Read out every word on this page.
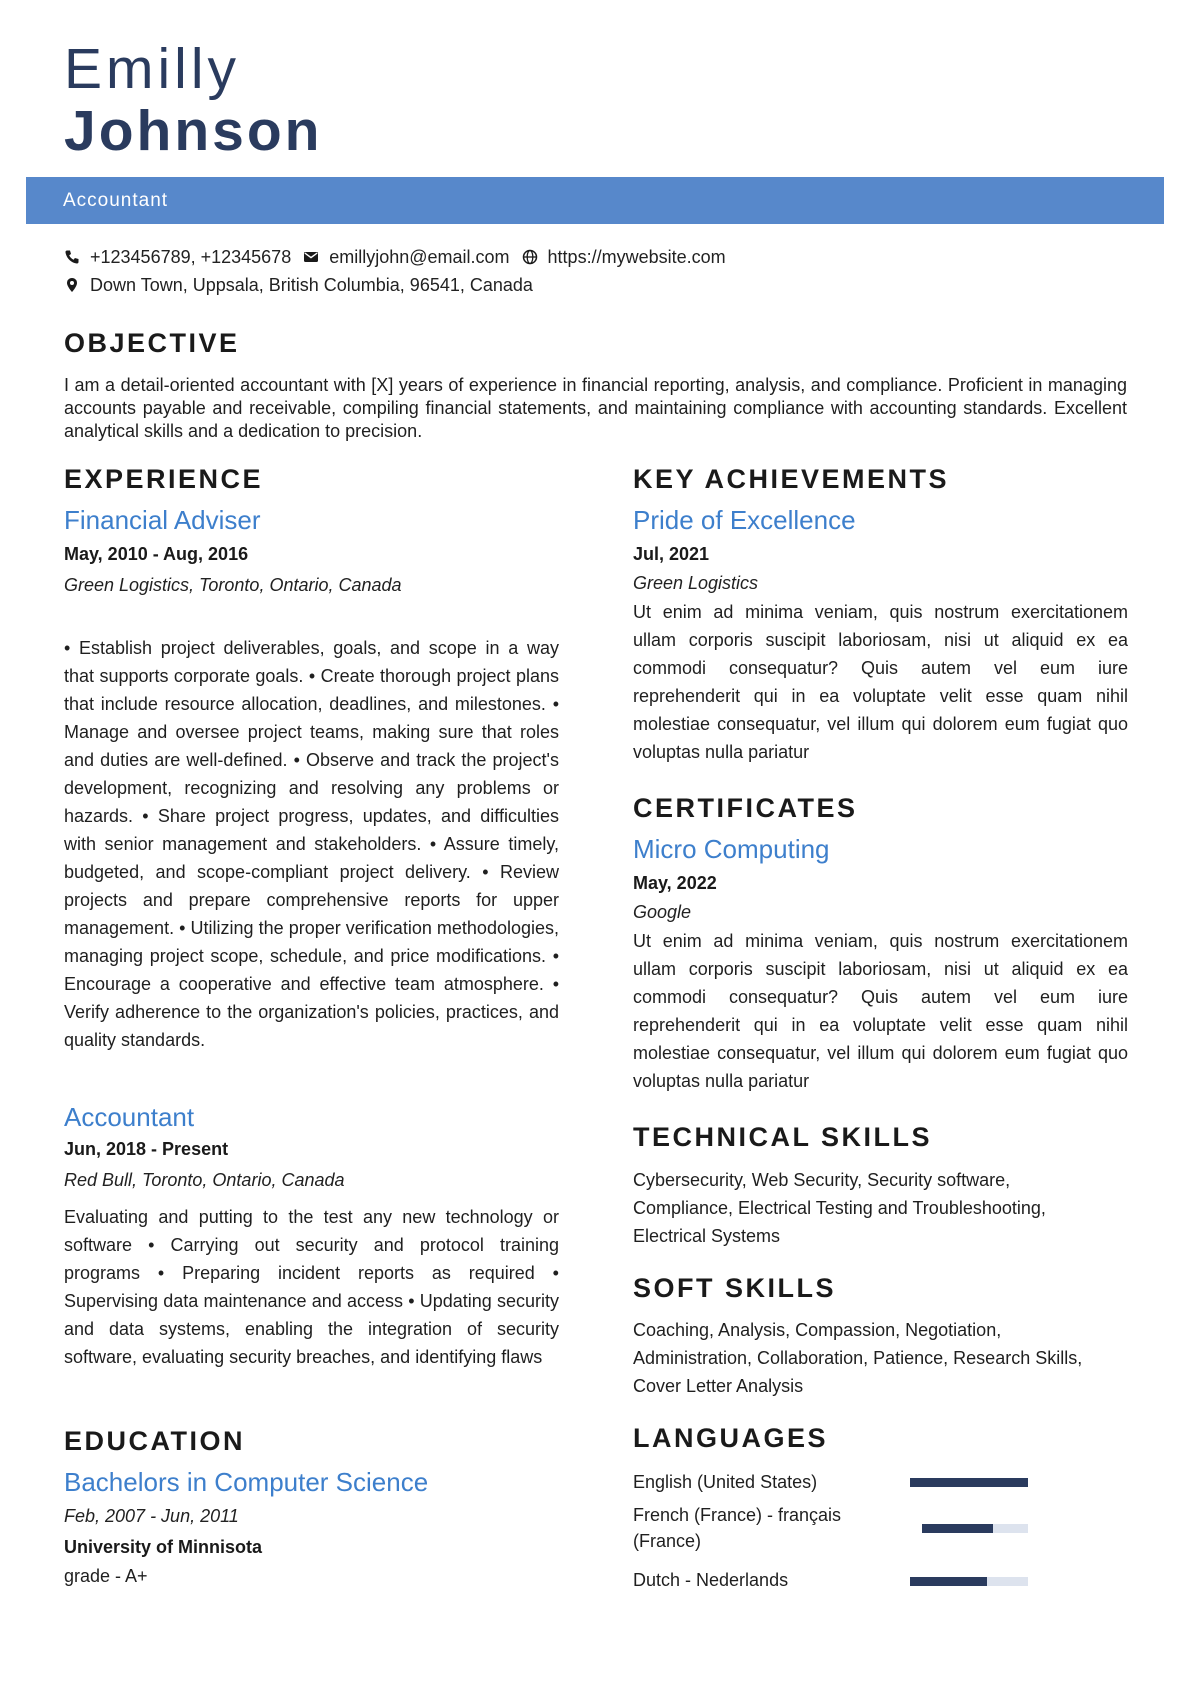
Emilly
Johnson
Accountant
+123456789, +12345678 emillyjohn@email.com https://mywebsite.com
Down Town, Uppsala, British Columbia, 96541, Canada
OBJECTIVE
I am a detail-oriented accountant with [X] years of experience in financial reporting, analysis, and compliance. Proficient in managing accounts payable and receivable, compiling financial statements, and maintaining compliance with accounting standards. Excellent analytical skills and a dedication to precision.
EXPERIENCE
Financial Adviser
May, 2010 - Aug, 2016
Green Logistics, Toronto, Ontario, Canada
• Establish project deliverables, goals, and scope in a way that supports corporate goals. • Create thorough project plans that include resource allocation, deadlines, and milestones. • Manage and oversee project teams, making sure that roles and duties are well-defined. • Observe and track the project's development, recognizing and resolving any problems or hazards. • Share project progress, updates, and difficulties with senior management and stakeholders. • Assure timely, budgeted, and scope-compliant project delivery. • Review projects and prepare comprehensive reports for upper management. • Utilizing the proper verification methodologies, managing project scope, schedule, and price modifications. • Encourage a cooperative and effective team atmosphere. • Verify adherence to the organization's policies, practices, and quality standards.
Accountant
Jun, 2018 - Present
Red Bull, Toronto, Ontario, Canada
Evaluating and putting to the test any new technology or software • Carrying out security and protocol training programs • Preparing incident reports as required • Supervising data maintenance and access • Updating security and data systems, enabling the integration of security software, evaluating security breaches, and identifying flaws
EDUCATION
Bachelors in Computer Science
Feb, 2007 - Jun, 2011
University of Minnisota
grade - A+
KEY ACHIEVEMENTS
Pride of Excellence
Jul, 2021
Green Logistics
Ut enim ad minima veniam, quis nostrum exercitationem ullam corporis suscipit laboriosam, nisi ut aliquid ex ea commodi consequatur? Quis autem vel eum iure reprehenderit qui in ea voluptate velit esse quam nihil molestiae consequatur, vel illum qui dolorem eum fugiat quo voluptas nulla pariatur
CERTIFICATES
Micro Computing
May, 2022
Google
Ut enim ad minima veniam, quis nostrum exercitationem ullam corporis suscipit laboriosam, nisi ut aliquid ex ea commodi consequatur? Quis autem vel eum iure reprehenderit qui in ea voluptate velit esse quam nihil molestiae consequatur, vel illum qui dolorem eum fugiat quo voluptas nulla pariatur
TECHNICAL SKILLS
Cybersecurity, Web Security, Security software, Compliance, Electrical Testing and Troubleshooting, Electrical Systems
SOFT SKILLS
Coaching, Analysis, Compassion, Negotiation, Administration, Collaboration, Patience, Research Skills, Cover Letter Analysis
LANGUAGES
English (United States)
French (France) - français (France)
Dutch - Nederlands
